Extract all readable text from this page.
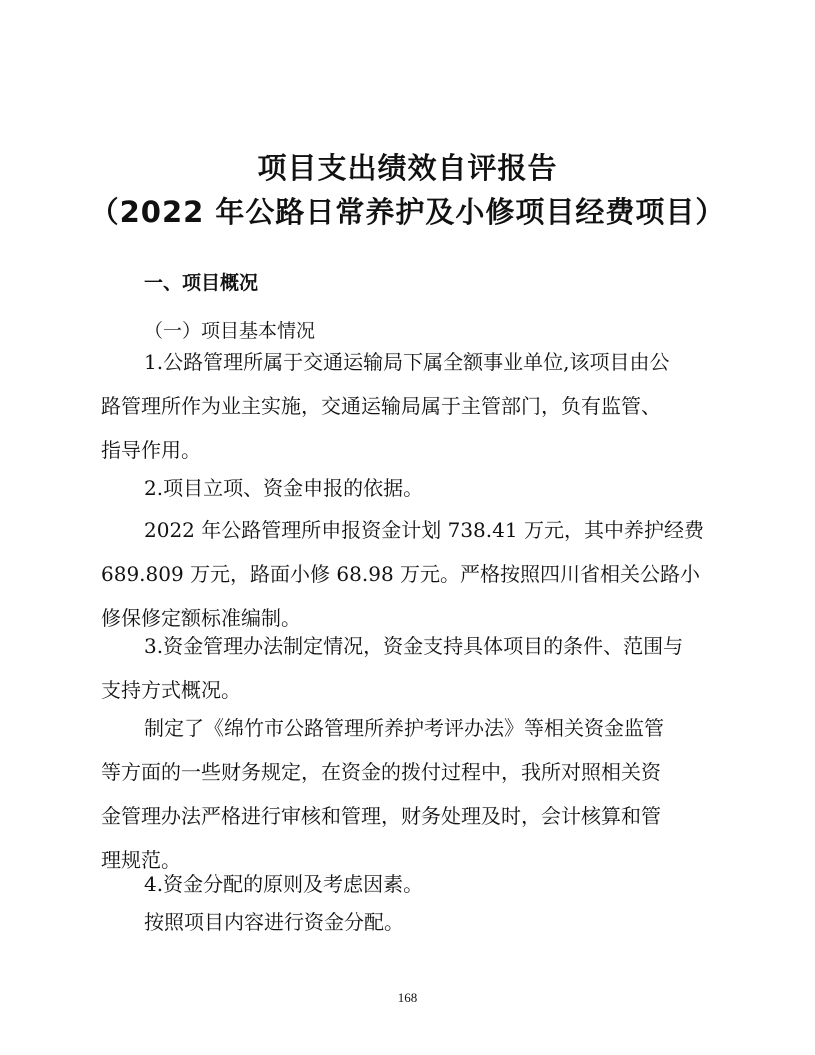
项目支出绩效自评报告
（2022 年公路日常养护及小修项目经费项目）
一、项目概况
（一）项目基本情况
1.公路管理所属于交通运输局下属全额事业单位,该项目由公
路管理所作为业主实施，交通运输局属于主管部门，负有监管、
指导作用。
2.项目立项、资金申报的依据。
2022 年公路管理所申报资金计划 738.41 万元，其中养护经费
689.809 万元，路面小修 68.98 万元。严格按照四川省相关公路小
修保修定额标准编制。
3.资金管理办法制定情况，资金支持具体项目的条件、范围与
支持方式概况。
制定了《绵竹市公路管理所养护考评办法》等相关资金监管
等方面的一些财务规定，在资金的拨付过程中，我所对照相关资
金管理办法严格进行审核和管理，财务处理及时，会计核算和管
理规范。
4.资金分配的原则及考虑因素。
按照项目内容进行资金分配。
168
